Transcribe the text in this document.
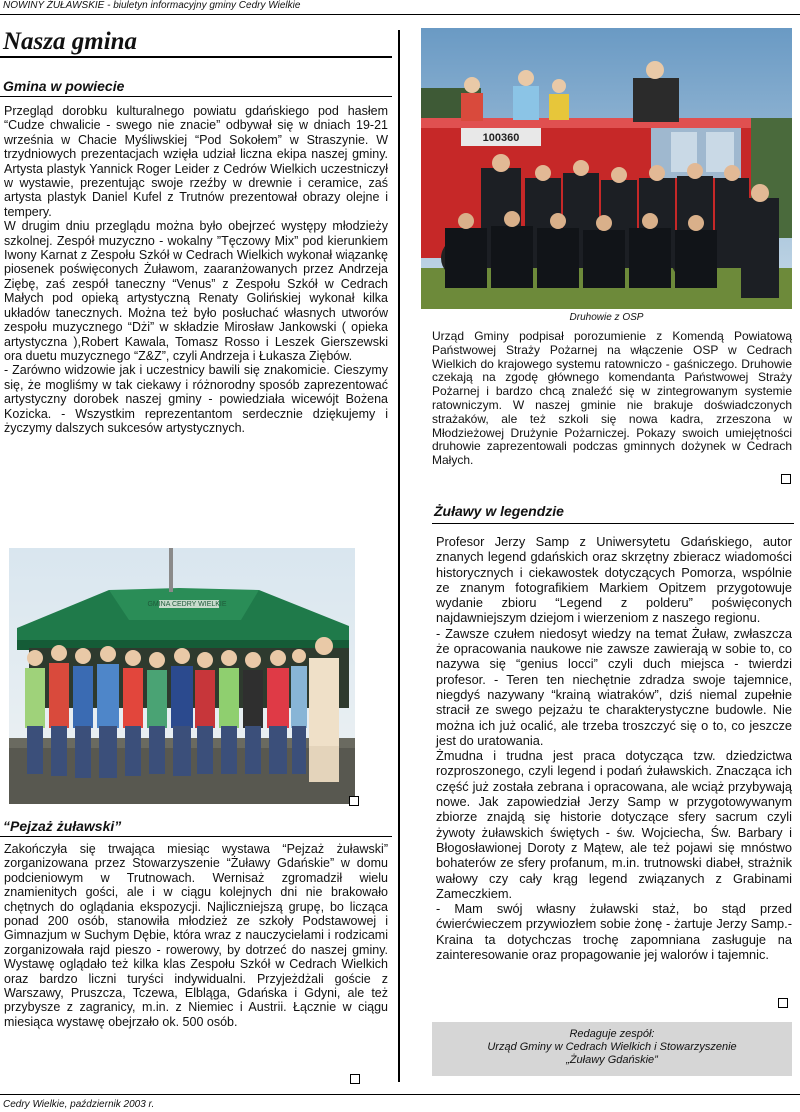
NOWINY ŻUŁAWSKIE - biuletyn informacyjny gminy Cedry Wielkie
Nasza gmina
Gmina w powiecie

Przegląd dorobku kulturalnego powiatu gdańskiego pod hasłem “Cudze chwalicie - swego nie znacie” odbywał się w dniach 19-21 września w Chacie Myśliwskiej “Pod Sokołem” w Straszynie. W trzydniowych prezentacjach wzięła udział liczna ekipa naszej gminy. Artysta plastyk Yannick Roger Leider z Cedrów Wielkich uczestniczył w wystawie, prezentując swoje rzeźby w drewnie i ceramice, zaś artysta plastyk Daniel Kufel z Trutnów prezentował obrazy olejne i tempery.

W drugim dniu przeglądu można było obejrzeć występy młodzieży szkolnej. Zespół muzyczno - wokalny ”Tęczowy Mix” pod kierunkiem Iwony Karnat z Zespołu Szkół w Cedrach Wielkich wykonał wiązankę piosenek poświęconych Żuławom, zaaranżowanych przez Andrzeja Ziębę, zaś zespół taneczny “Venus” z Zespołu Szkół w Cedrach Małych pod opieką artystyczną Renaty Golińskiej wykonał kilka układów tanecznych. Można też było posłuchać własnych utworów zespołu muzycznego “Dżi” w składzie Mirosław Jankowski ( opieka artystyczna ),Robert Kawala, Tomasz Rosso i Leszek Gierszewski ora duetu muzycznego “Z&Z”, czyli Andrzeja i Łukasza Ziębów.

- Zarówno widzowie jak i uczestnicy bawili się znakomicie. Cieszymy się, że mogliśmy w tak ciekawy i różnorodny sposób zaprezentować artystyczny dorobek naszej gminy - powiedziała wicewójt Bożena Kozicka. - Wszystkim reprezentantom serdecznie dziękujemy i życzymy dalszych sukcesów artystycznych.

GMINA CEDRY WIELKIE
“Pejzaż żuławski”

Zakończyła się trwająca miesiąc wystawa “Pejzaż żuławski” zorganizowana przez Stowarzyszenie “Żuławy Gdańskie” w domu podcieniowym w Trutnowach. Wernisaż zgromadził wielu znamienitych gości, ale i w ciągu kolejnych dni nie brakowało chętnych do oglądania ekspozycji. Najliczniejszą grupę, bo licząca ponad 200 osób, stanowiła młodzież ze szkoły Podstawowej i Gimnazjum w Suchym Dębie, która wraz z nauczycielami i rodzicami zorganizowała rajd pieszo - rowerowy, by dotrzeć do naszej gminy. Wystawę oglądało też kilka klas Zespołu Szkół w Cedrach Wielkich oraz bardzo liczni turyści indywidualni. Przyjeżdżali goście z Warszawy, Pruszcza, Tczewa, Elbląga, Gdańska i Gdyni, ale też przybysze z zagranicy, m.in. z Niemiec i Austrii. Łącznie w ciągu miesiąca wystawę obejrzało ok. 500 osób.

100360
Druhowie z OSP

Urząd Gminy podpisał porozumienie z Komendą Powiatową Państwowej Straży Pożarnej na włączenie OSP w Cedrach Wielkich do krajowego systemu ratowniczo - gaśniczego. Druhowie czekają na zgodę głównego komendanta Państwowej Straży Pożarnej i bardzo chcą znaleźć się w zintegrowanym systemie ratowniczym. W naszej gminie nie brakuje doświadczonych strażaków, ale też szkoli się nowa kadra, zrzeszona w Młodzieżowej Drużynie Pożarniczej. Pokazy swoich umiejętności druhowie zaprezentowali podczas gminnych dożynek w Cedrach Małych.

Żuławy w legendzie

Profesor Jerzy Samp z Uniwersytetu Gdańskiego, autor znanych legend gdańskich oraz skrzętny zbieracz wiadomości historycznych i ciekawostek dotyczących Pomorza, wspólnie ze znanym fotografikiem Markiem Opitzem przygotowuje wydanie zbioru “Legend z polderu” poświęconych najdawniejszym dziejom i wierzeniom z naszego regionu.

- Zawsze czułem niedosyt wiedzy na temat Żuław, zwłaszcza że opracowania naukowe nie zawsze zawierają w sobie to, co nazywa się “genius locci” czyli duch miejsca - twierdzi profesor. - Teren ten niechętnie zdradza swoje tajemnice, niegdyś nazywany “krainą wiatraków”, dziś niemal zupełnie stracił ze swego pejzażu te charakterystyczne budowle. Nie można ich już ocalić, ale trzeba troszczyć się o to, co jeszcze jest do uratowania.

Żmudna i trudna jest praca dotycząca tzw. dziedzictwa rozproszonego, czyli legend i podań żuławskich. Znacząca ich część już została zebrana i opracowana, ale wciąż przybywają nowe. Jak zapowiedział Jerzy Samp w przygotowywanym zbiorze znajdą się historie dotyczące sfery sacrum czyli żywoty żuławskich świętych - św. Wojciecha, Św. Barbary i Błogosławionej Doroty z Mątew, ale też pojawi się mnóstwo bohaterów ze sfery profanum, m.in. trutnowski diabeł, strażnik wałowy czy cały krąg legend związanych z Grabinami Zameczkiem.

- Mam swój własny żuławski staż, bo stąd przed ćwierćwieczem przywiozłem sobie żonę - żartuje Jerzy Samp.- Kraina ta dotychczas trochę zapomniana zasługuje na zainteresowanie oraz propagowanie jej walorów i tajemnic.

Redaguje zespół:
Urząd Gminy w Cedrach Wielkich i Stowarzyszenie
„Żuławy Gdańskie”
Cedry Wielkie, październik 2003 r.
